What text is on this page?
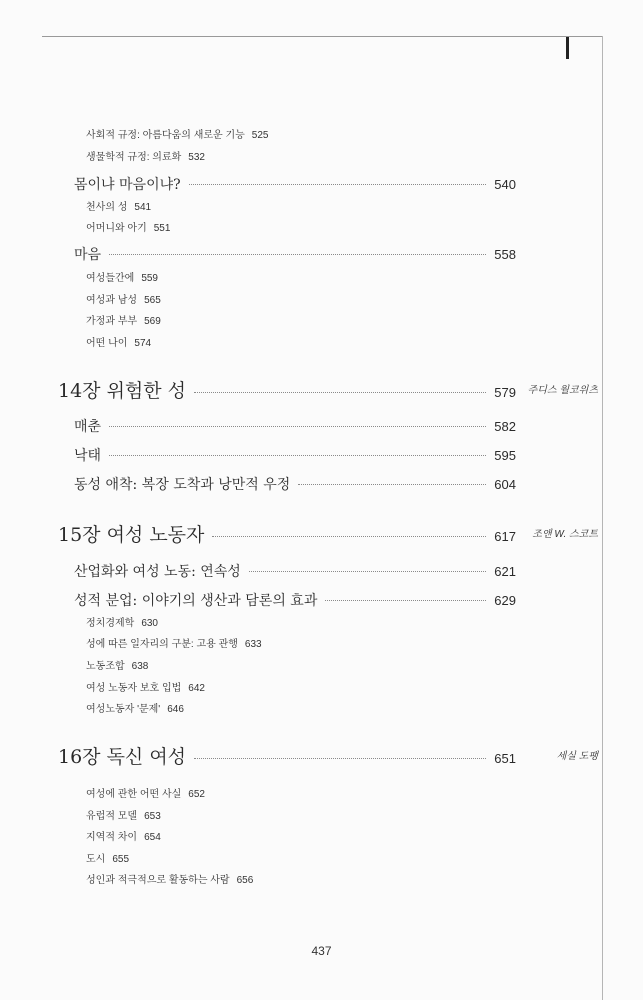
사회적 규정: 아름다움의 새로운 기능 525
생물학적 규정: 의료화 532
몸이냐 마음이냐?	540
천사의 성 541
어머니와 아기 551
마음	558
여성들간에 559
여성과 남성 565
가정과 부부 569
어떤 나이 574
14장 위험한 성	579 주디스 월코위츠
매춘	582
낙태	595
동성 애착: 복장 도착과 낭만적 우정	604
15장 여성 노동자	617 조앤 W. 스코트
산업화와 여성 노동: 연속성	621
성적 분업: 이야기의 생산과 담론의 효과	629
정치경제학 630
성에 따른 일자리의 구분: 고용 관행 633
노동조합 638
여성 노동자 보호 입법 642
여성노동자 '문제' 646
16장 독신 여성	651	세실 도팽
여성에 관한 어떤 사실 652
유럽적 모델 653
지역적 차이 654
도시 655
성인과 적극적으로 활동하는 사람 656
437
